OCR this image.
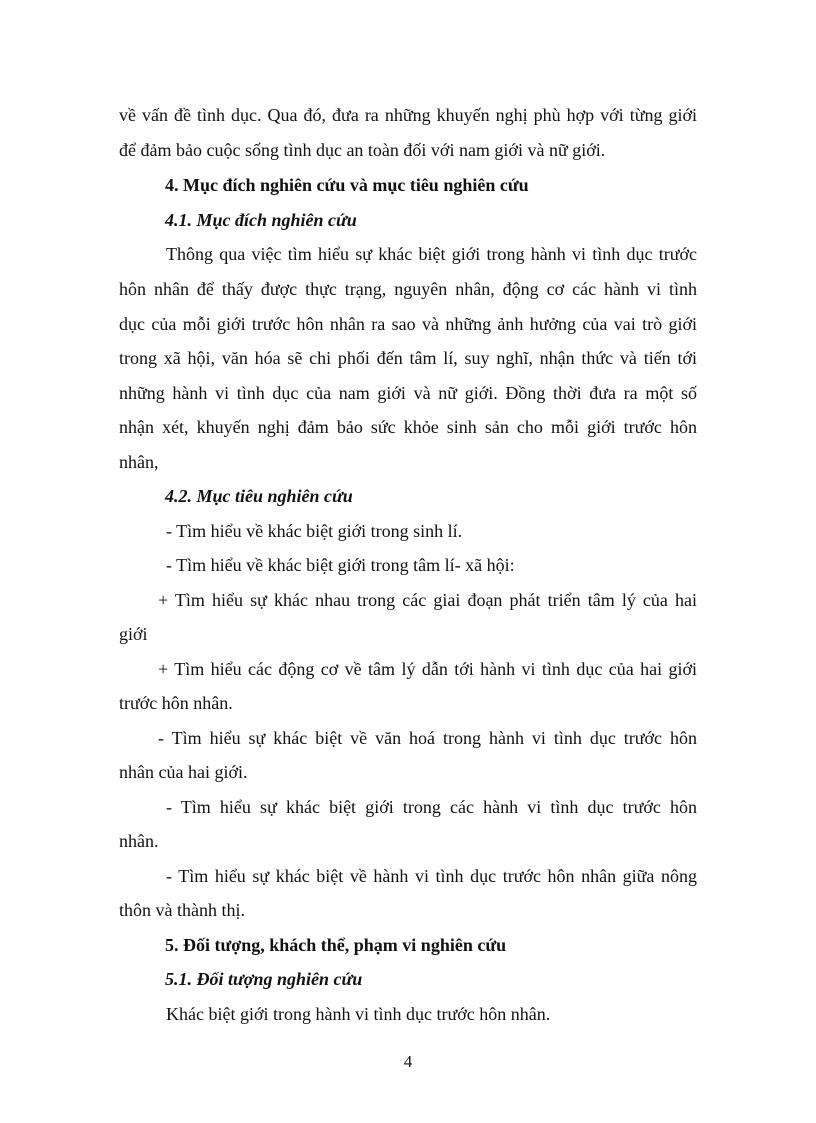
về vấn đề tình dục. Qua đó, đưa ra những khuyến nghị phù hợp với từng giới
để đảm bảo cuộc sống tình dục an toàn đối với nam giới và nữ giới.
4. Mục đích nghiên cứu và mục tiêu nghiên cứu
4.1. Mục đích nghiên cứu
Thông qua việc tìm hiểu sự khác biệt giới trong hành vi tình dục trước
hôn nhân để thấy được thực trạng, nguyên nhân, động cơ các hành vi tình
dục của mỗi giới trước hôn nhân ra sao và những ảnh hưởng của vai trò giới
trong xã hội, văn hóa sẽ chi phối đến tâm lí, suy nghĩ, nhận thức và tiến tới
những hành vi tình dục của nam giới và nữ giới. Đồng thời đưa ra một số
nhận xét, khuyến nghị đảm bảo sức khỏe sinh sản cho mỗi giới trước hôn
nhân,
4.2. Mục tiêu nghiên cứu
- Tìm hiểu về khác biệt giới trong sinh lí.
- Tìm hiểu về khác biệt giới trong tâm lí- xã hội:
+ Tìm hiểu sự khác nhau trong các giai đoạn phát triển tâm lý của hai
giới
+ Tìm hiểu các động cơ về tâm lý dẫn tới hành vi tình dục của hai giới
trước hôn nhân.
- Tìm hiểu sự khác biệt về văn hoá trong hành vi tình dục trước hôn
nhân của hai giới.
- Tìm hiểu sự khác biệt giới trong các hành vi tình dục trước hôn
nhân.
- Tìm hiểu sự khác biệt về hành vi tình dục trước hôn nhân giữa nông
thôn và thành thị.
5. Đối tượng, khách thể, phạm vi nghiên cứu
5.1. Đối tượng nghiên cứu
Khác biệt giới trong hành vi tình dục trước hôn nhân.
4
